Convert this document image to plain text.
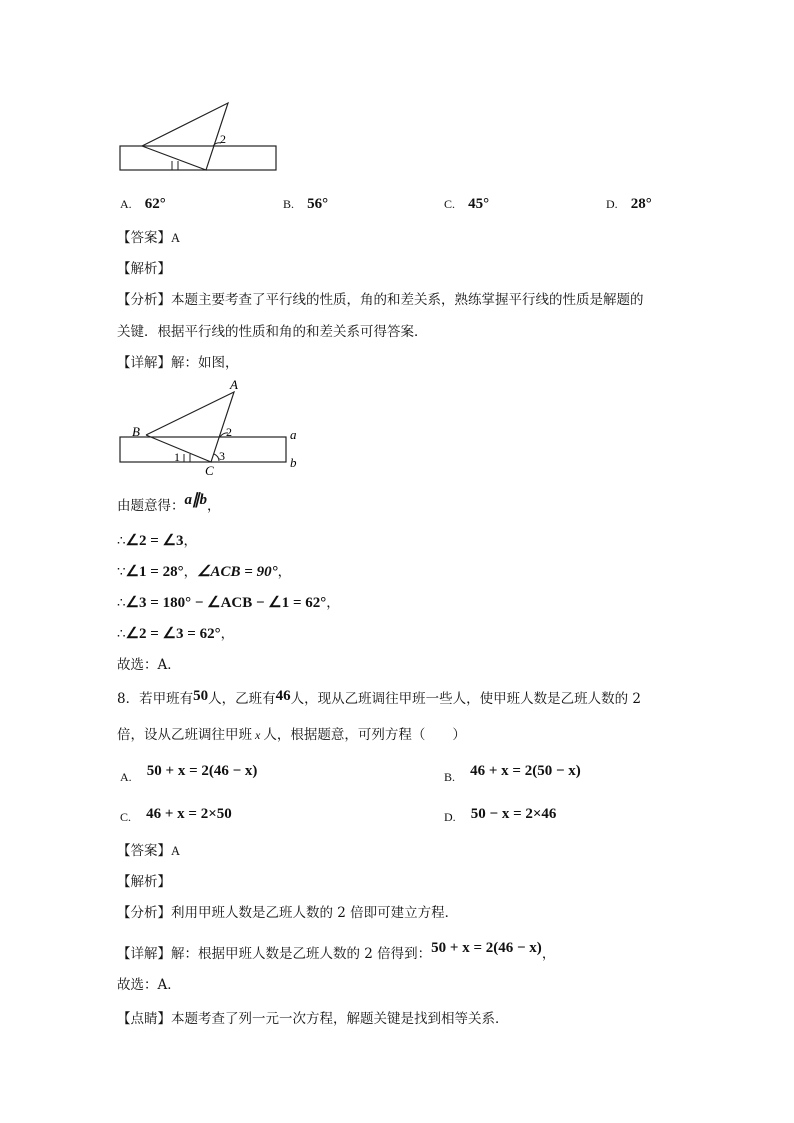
2
A. 62°	B. 56°	C. 45°	D. 28°
【答案】A
【解析】
【分析】本题主要考查了平行线的性质，角的和差关系，熟练掌握平行线的性质是解题的
关键．根据平行线的性质和角的和差关系可得答案．
【详解】解：如图，
A
B
C
a
b
1
2
3
由题意得：a∥b，
∴∠2 = ∠3，
∵∠1 = 28°，∠ACB = 90°，
∴∠3 = 180° − ∠ACB − ∠1 = 62°，
∴∠2 = ∠3 = 62°，
故选：A．
8．若甲班有50人，乙班有46人，现从乙班调往甲班一些人，使甲班人数是乙班人数的 2
倍，设从乙班调往甲班 x 人，根据题意，可列方程（　　）
A. 50 + x = 2(46 − x)	B. 46 + x = 2(50 − x)
C. 46 + x = 2×50	D. 50 − x = 2×46
【答案】A
【解析】
【分析】利用甲班人数是乙班人数的 2 倍即可建立方程．
【详解】解：根据甲班人数是乙班人数的 2 倍得到：50 + x = 2(46 − x)，
故选：A．
【点睛】本题考查了列一元一次方程，解题关键是找到相等关系．
